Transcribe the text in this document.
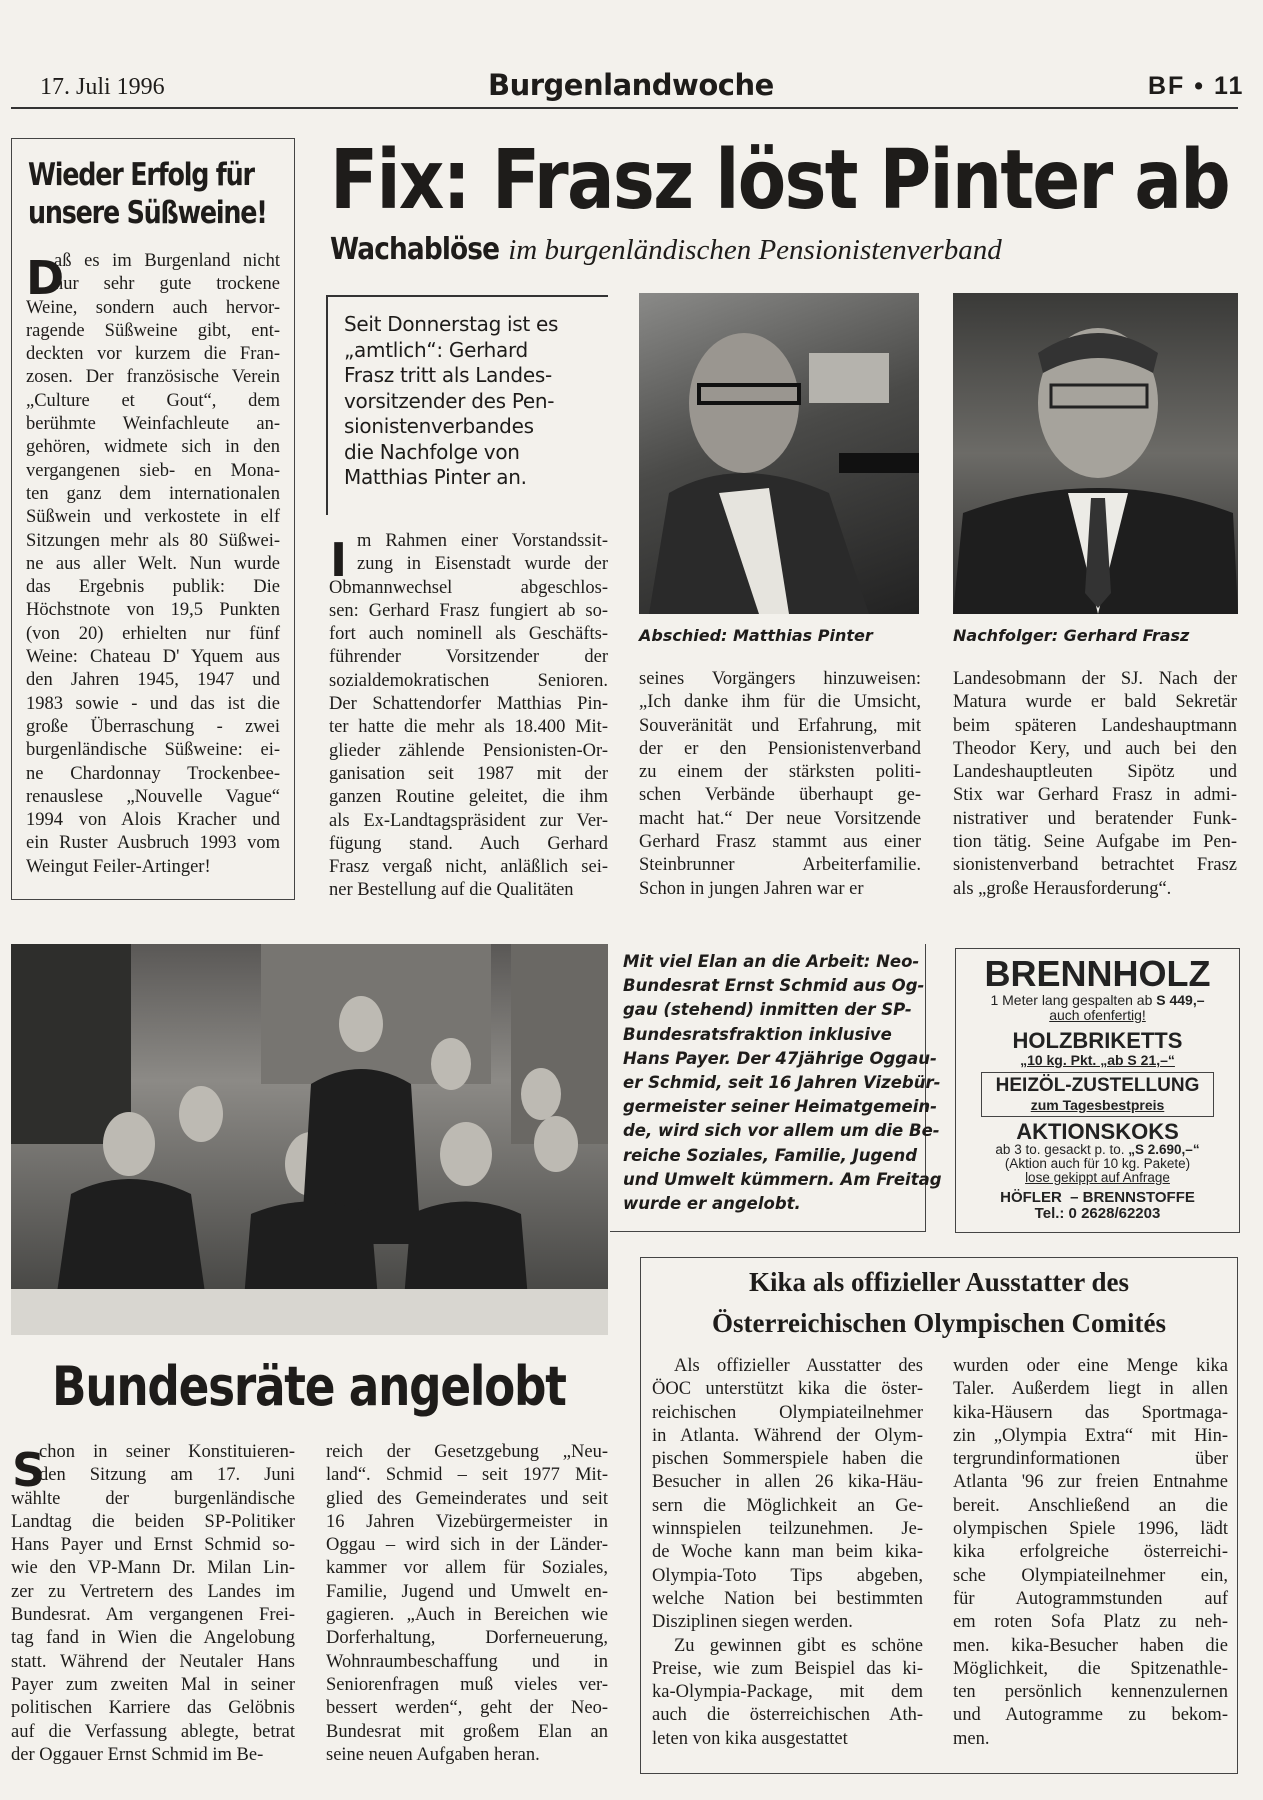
17. Juli 1996	Burgenlandwoche	BF • 11
Wieder Erfolg für
unsere Süßweine!
D
aß es im Burgenland nicht
nur sehr gute trockene
Weine, sondern auch hervor-
ragende Süßweine gibt, ent-
deckten vor kurzem die Fran-
zosen. Der französische Verein
„Culture et Gout“, dem
berühmte Weinfachleute an-
gehören, widmete sich in den
vergangenen sieb- en Mona-
ten ganz dem internationalen
Süßwein und verkostete in elf
Sitzungen mehr als 80 Süßwei-
ne aus aller Welt. Nun wurde
das Ergebnis publik: Die
Höchstnote von 19,5 Punkten
(von 20) erhielten nur fünf
Weine: Chateau D' Yquem aus
den Jahren 1945, 1947 und
1983 sowie - und das ist die
große Überraschung - zwei
burgenländische Süßweine: ei-
ne Chardonnay Trockenbee-
renauslese „Nouvelle Vague“
1994 von Alois Kracher und
ein Ruster Ausbruch 1993 vom
Weingut Feiler-Artinger!
Fix: Frasz löst Pinter ab
Wachablöse im burgenländischen Pensionistenverband
Seit Donnerstag ist es
„amtlich“: Gerhard
Frasz tritt als Landes-
vorsitzender des Pen-
sionistenverbandes
die Nachfolge von
Matthias Pinter an.
Abschied: Matthias Pinter	Nachfolger: Gerhard Frasz
I m Rahmen einer Vorstandssit-
zung in Eisenstadt wurde der
Obmannwechsel abgeschlos-
sen: Gerhard Frasz fungiert ab so-
fort auch nominell als Geschäfts-
führender Vorsitzender der
sozialdemokratischen Senioren.
Der Schattendorfer Matthias Pin-
ter hatte die mehr als 18.400 Mit-
glieder zählende Pensionisten-Or-
ganisation seit 1987 mit der
ganzen Routine geleitet, die ihm
als Ex-Landtagspräsident zur Ver-
fügung stand. Auch Gerhard
Frasz vergaß nicht, anläßlich sei-
ner Bestellung auf die Qualitäten
seines Vorgängers hinzuweisen:
„Ich danke ihm für die Umsicht,
Souveränität und Erfahrung, mit
der er den Pensionistenverband
zu einem der stärksten politi-
schen Verbände überhaupt ge-
macht hat.“ Der neue Vorsitzende
Gerhard Frasz stammt aus einer
Steinbrunner Arbeiterfamilie.
Schon in jungen Jahren war er
Landesobmann der SJ. Nach der
Matura wurde er bald Sekretär
beim späteren Landeshauptmann
Theodor Kery, und auch bei den
Landeshauptleuten Sipötz und
Stix war Gerhard Frasz in admi-
nistrativer und beratender Funk-
tion tätig. Seine Aufgabe im Pen-
sionistenverband betrachtet Frasz
als „große Herausforderung“.
Mit viel Elan an die Arbeit: Neo-
Bundesrat Ernst Schmid aus Og-
gau (stehend) inmitten der SP-
Bundesratsfraktion inklusive
Hans Payer. Der 47jährige Oggau-
er Schmid, seit 16 Jahren Vizebür-
germeister seiner Heimatgemein-
de, wird sich vor allem um die Be-
reiche Soziales, Familie, Jugend
und Umwelt kümmern. Am Freitag
wurde er angelobt.
BRENNHOLZ
1 Meter lang gespalten ab S 449,–
auch ofenfertig!
HOLZBRIKETTS
„10 kg. Pkt. „ab S 21,–“
HEIZÖL-ZUSTELLUNG
zum Tagesbestpreis
AKTIONSKOKS
ab 3 to. gesackt p. to. „S 2.690,–“
(Aktion auch für 10 kg. Pakete)
lose gekippt auf Anfrage
HÖFLER  – BRENNSTOFFE
Tel.: 0 2628/62203
Bundesräte angelobt
S
chon in seiner Konstituieren-
den Sitzung am 17. Juni
wählte der burgenländische
Landtag die beiden SP-Politiker
Hans Payer und Ernst Schmid so-
wie den VP-Mann Dr. Milan Lin-
zer zu Vertretern des Landes im
Bundesrat. Am vergangenen Frei-
tag fand in Wien die Angelobung
statt. Während der Neutaler Hans
Payer zum zweiten Mal in seiner
politischen Karriere das Gelöbnis
auf die Verfassung ablegte, betrat
der Oggauer Ernst Schmid im Be-
reich der Gesetzgebung „Neu-
land“. Schmid – seit 1977 Mit-
glied des Gemeinderates und seit
16 Jahren Vizebürgermeister in
Oggau – wird sich in der Länder-
kammer vor allem für Soziales,
Familie, Jugend und Umwelt en-
gagieren. „Auch in Bereichen wie
Dorferhaltung, Dorferneuerung,
Wohnraumbeschaffung und in
Seniorenfragen muß vieles ver-
bessert werden“, geht der Neo-
Bundesrat mit großem Elan an
seine neuen Aufgaben heran.
Kika als offizieller Ausstatter des
Österreichischen Olympischen Comités
Als offizieller Ausstatter des
ÖOC unterstützt kika die öster-
reichischen Olympiateilnehmer
in Atlanta. Während der Olym-
pischen Sommerspiele haben die
Besucher in allen 26 kika-Häu-
sern die Möglichkeit an Ge-
winnspielen teilzunehmen. Je-
de Woche kann man beim kika-
Olympia-Toto Tips abgeben,
welche Nation bei bestimmten
Disziplinen siegen werden.
Zu gewinnen gibt es schöne
Preise, wie zum Beispiel das ki-
ka-Olympia-Package, mit dem
auch die österreichischen Ath-
leten von kika ausgestattet
wurden oder eine Menge kika
Taler. Außerdem liegt in allen
kika-Häusern das Sportmaga-
zin „Olympia Extra“ mit Hin-
tergrundinformationen über
Atlanta '96 zur freien Entnahme
bereit. Anschließend an die
olympischen Spiele 1996, lädt
kika erfolgreiche österreichi-
sche Olympiateilnehmer ein,
für Autogrammstunden auf
em roten Sofa Platz zu neh-
men. kika-Besucher haben die
Möglichkeit, die Spitzenathle-
ten persönlich kennenzulernen
und Autogramme zu bekom-
men.
